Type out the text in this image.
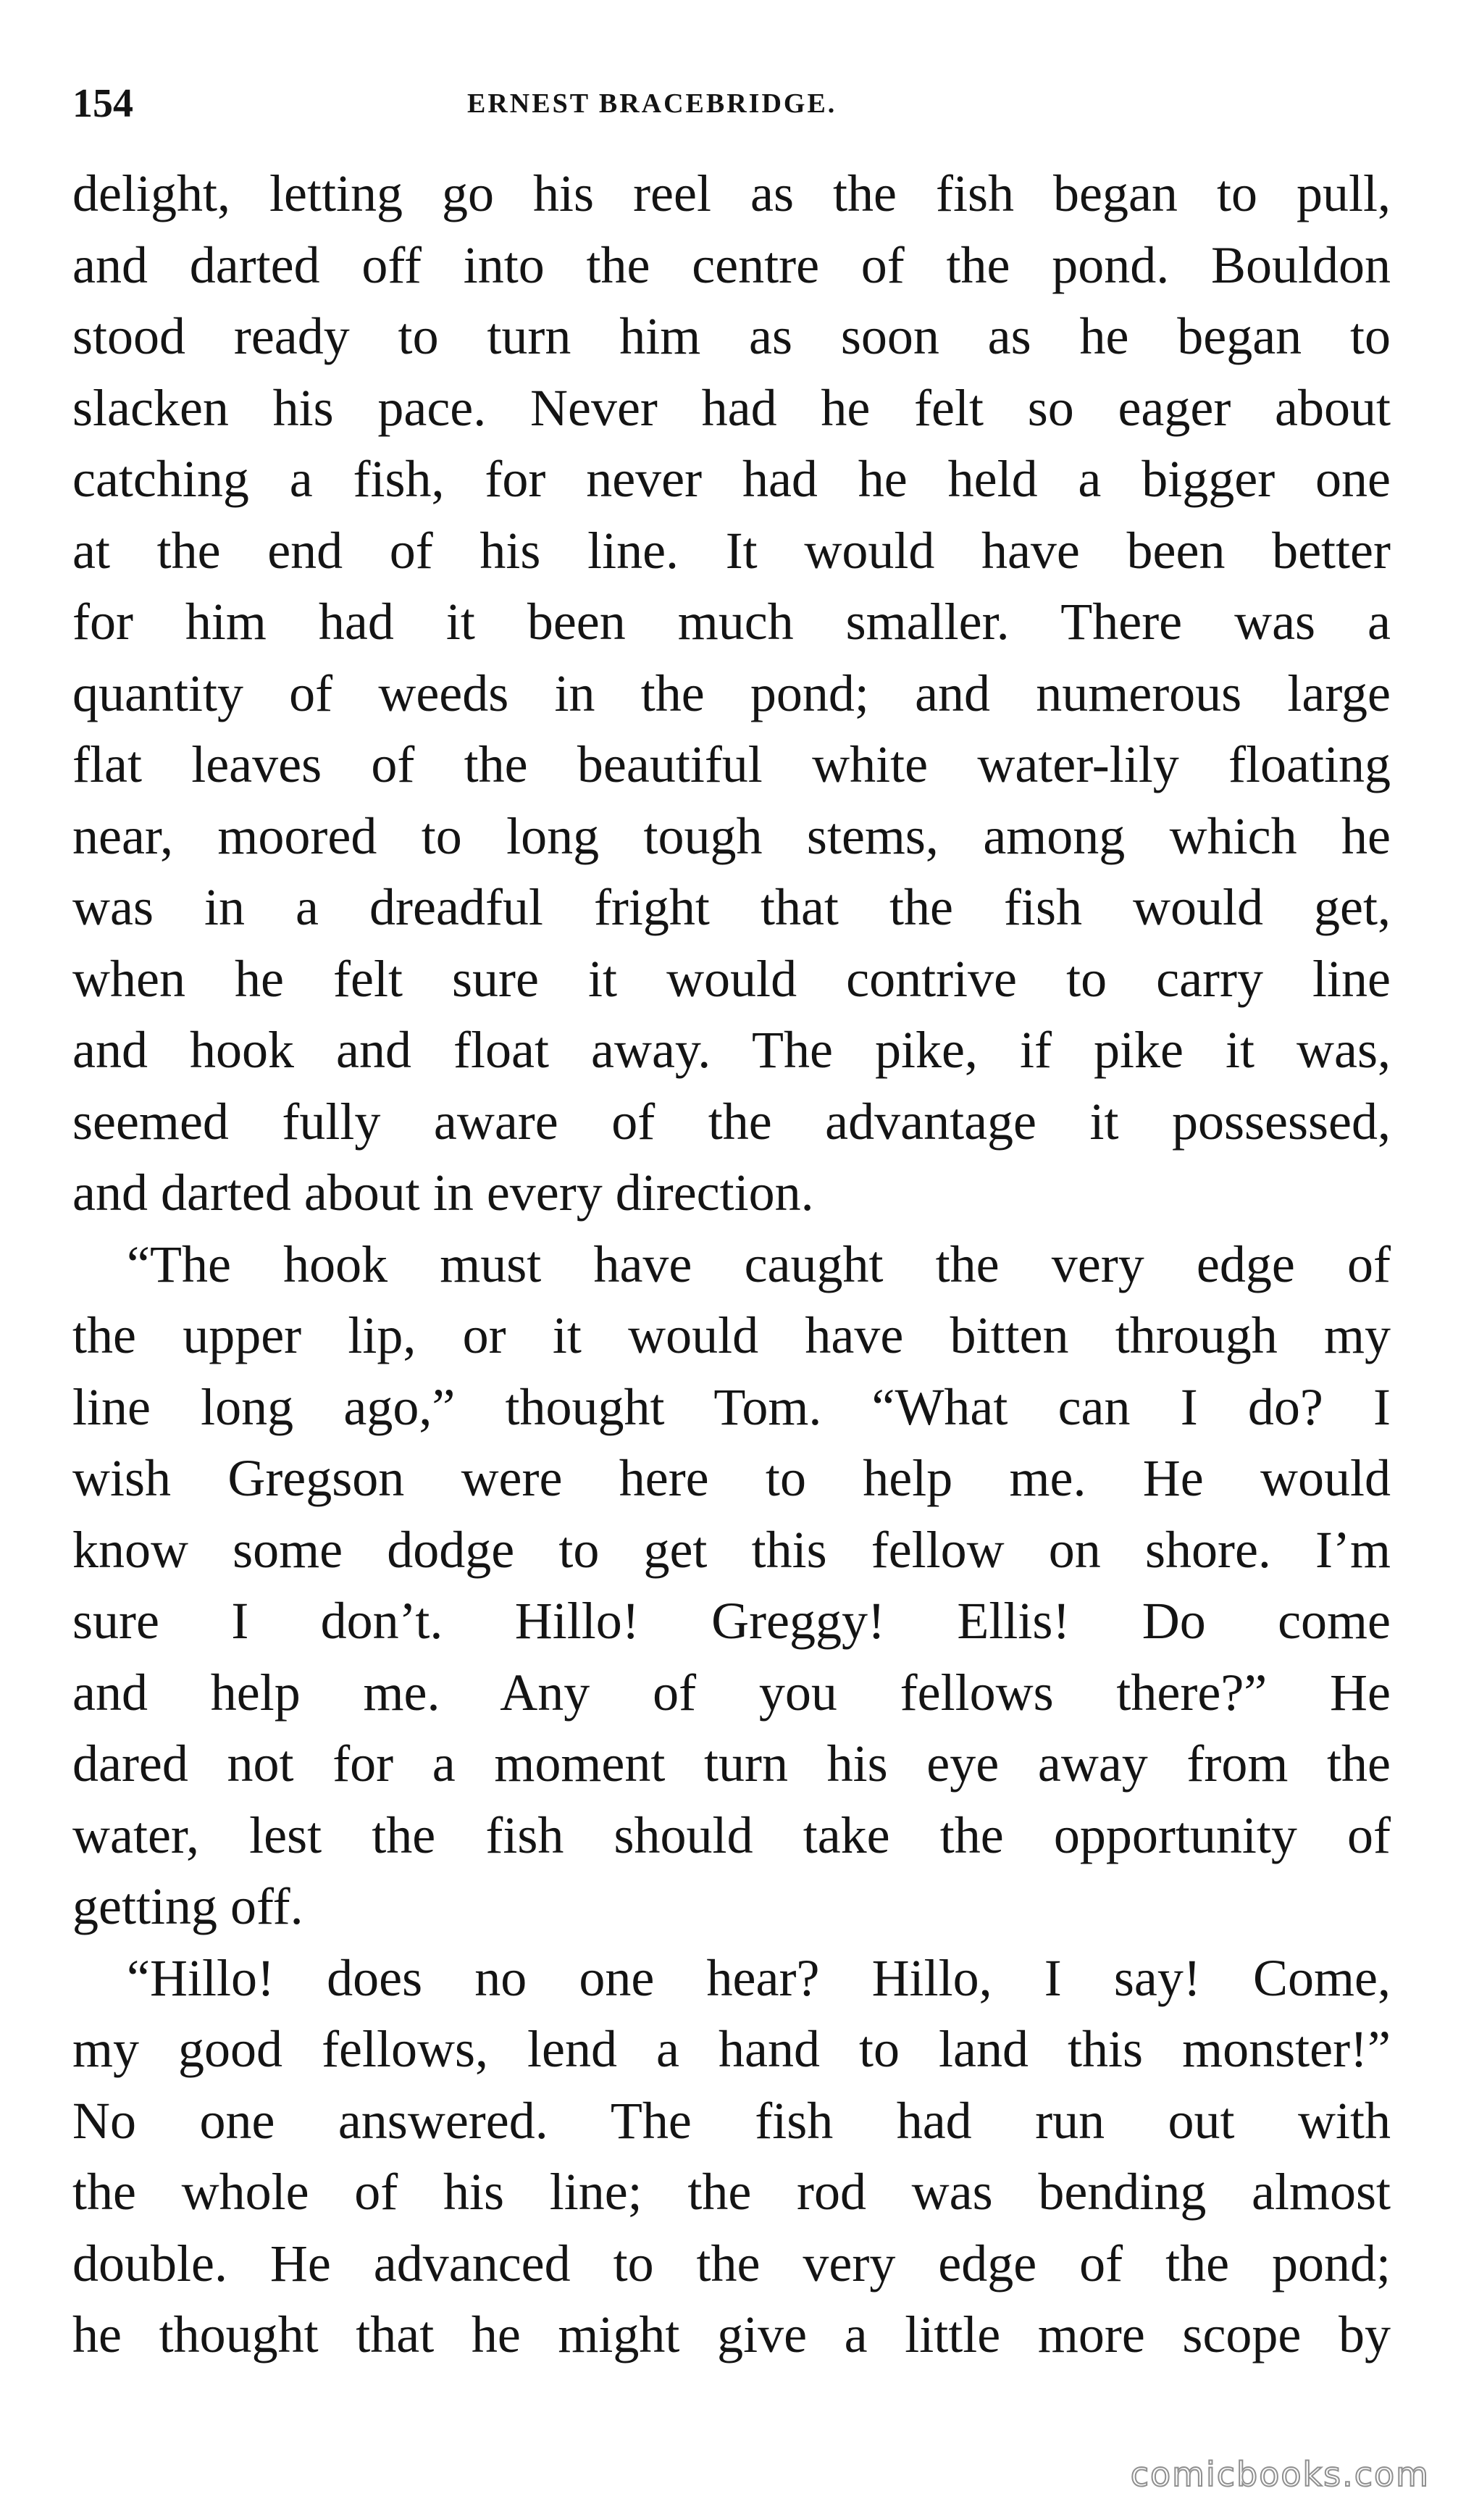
154	ERNEST BRACEBRIDGE.
delight, letting go his reel as the fish began to pull,
and darted off into the centre of the pond. Bouldon
stood ready to turn him as soon as he began to
slacken his pace. Never had he felt so eager about
catching a fish, for never had he held a bigger one
at the end of his line. It would have been better
for him had it been much smaller. There was a
quantity of weeds in the pond; and numerous large
flat leaves of the beautiful white water-lily floating
near, moored to long tough stems, among which he
was in a dreadful fright that the fish would get,
when he felt sure it would contrive to carry line
and hook and float away. The pike, if pike it was,
seemed fully aware of the advantage it possessed,
and darted about in every direction.
“The hook must have caught the very edge of
the upper lip, or it would have bitten through my
line long ago,” thought Tom. “What can I do? I
wish Gregson were here to help me. He would
know some dodge to get this fellow on shore. I’m
sure I don’t. Hillo! Greggy! Ellis! Do come
and help me. Any of you fellows there?” He
dared not for a moment turn his eye away from the
water, lest the fish should take the opportunity of
getting off.
“Hillo! does no one hear? Hillo, I say! Come,
my good fellows, lend a hand to land this monster!”
No one answered. The fish had run out with
the whole of his line; the rod was bending almost
double. He advanced to the very edge of the pond;
he thought that he might give a little more scope by
comicbooks.com
